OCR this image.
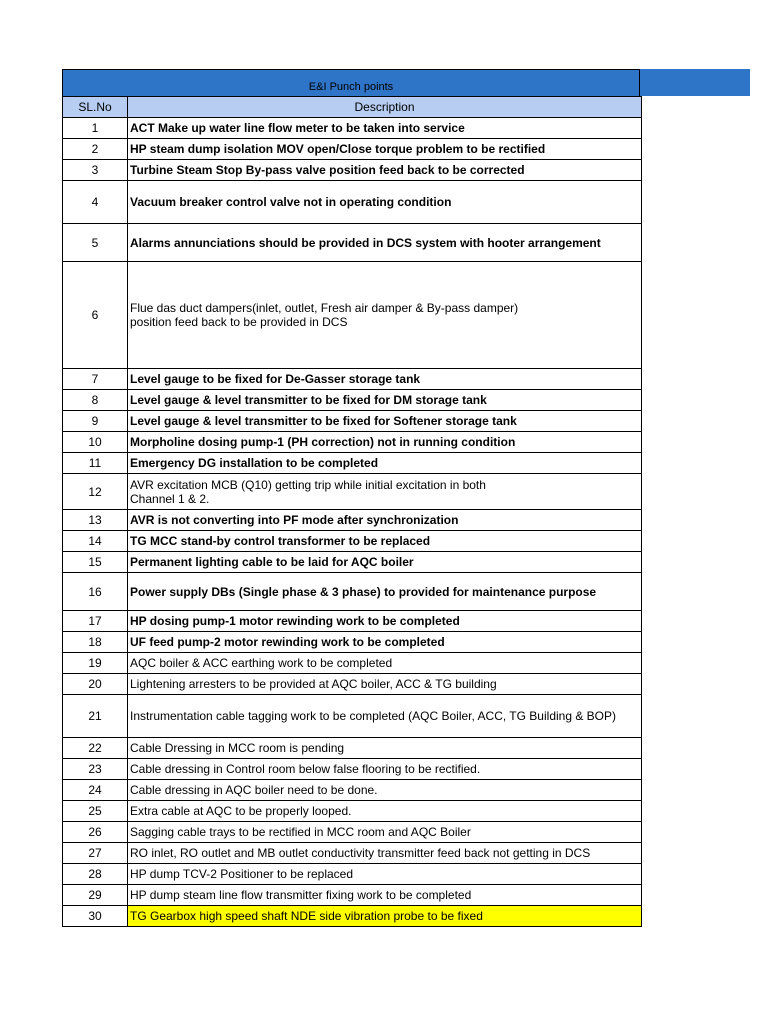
E&I Punch points
SL.No	Description
1	ACT Make up water line flow meter to be taken into service
2	HP steam dump isolation MOV open/Close torque problem to be rectified
3	Turbine Steam Stop By-pass valve position feed back to be corrected
4	Vacuum breaker control valve not in operating condition
5	Alarms annunciations should be provided in DCS system with hooter arrangement
6	Flue das duct dampers(inlet, outlet, Fresh air damper & By-pass damper)
position feed back to be provided in DCS
7	Level gauge to be fixed for De-Gasser storage tank
8	Level gauge & level transmitter to be fixed for DM storage tank
9	Level gauge & level transmitter to be fixed for Softener storage tank
10	Morpholine dosing pump-1 (PH correction) not in running condition
11	Emergency DG installation to be completed
12	AVR excitation MCB (Q10) getting trip while initial excitation in both
Channel 1 & 2.
13	AVR is not converting into PF mode after synchronization
14	TG MCC stand-by control transformer to be replaced
15	Permanent lighting cable to be laid for AQC boiler
16	Power supply DBs (Single phase & 3 phase) to provided for maintenance purpose
17	HP dosing pump-1 motor rewinding work to be completed
18	UF feed pump-2 motor rewinding work to be completed
19	AQC boiler & ACC earthing work to be completed
20	Lightening arresters to be provided at AQC boiler, ACC & TG building
21	Instrumentation cable tagging work to be completed (AQC Boiler, ACC, TG Building & BOP)
22	Cable Dressing in MCC room is pending
23	Cable dressing in Control room below false flooring to be rectified.
24	Cable dressing in AQC boiler need to be done.
25	Extra cable at AQC to be properly looped.
26	Sagging cable trays to be rectified in MCC room and AQC Boiler
27	RO inlet, RO outlet and MB outlet conductivity transmitter feed back not getting in DCS
28	HP dump TCV-2 Positioner to be replaced
29	HP dump steam line flow transmitter fixing work to be completed
30	TG Gearbox high speed shaft NDE side vibration probe to be fixed
